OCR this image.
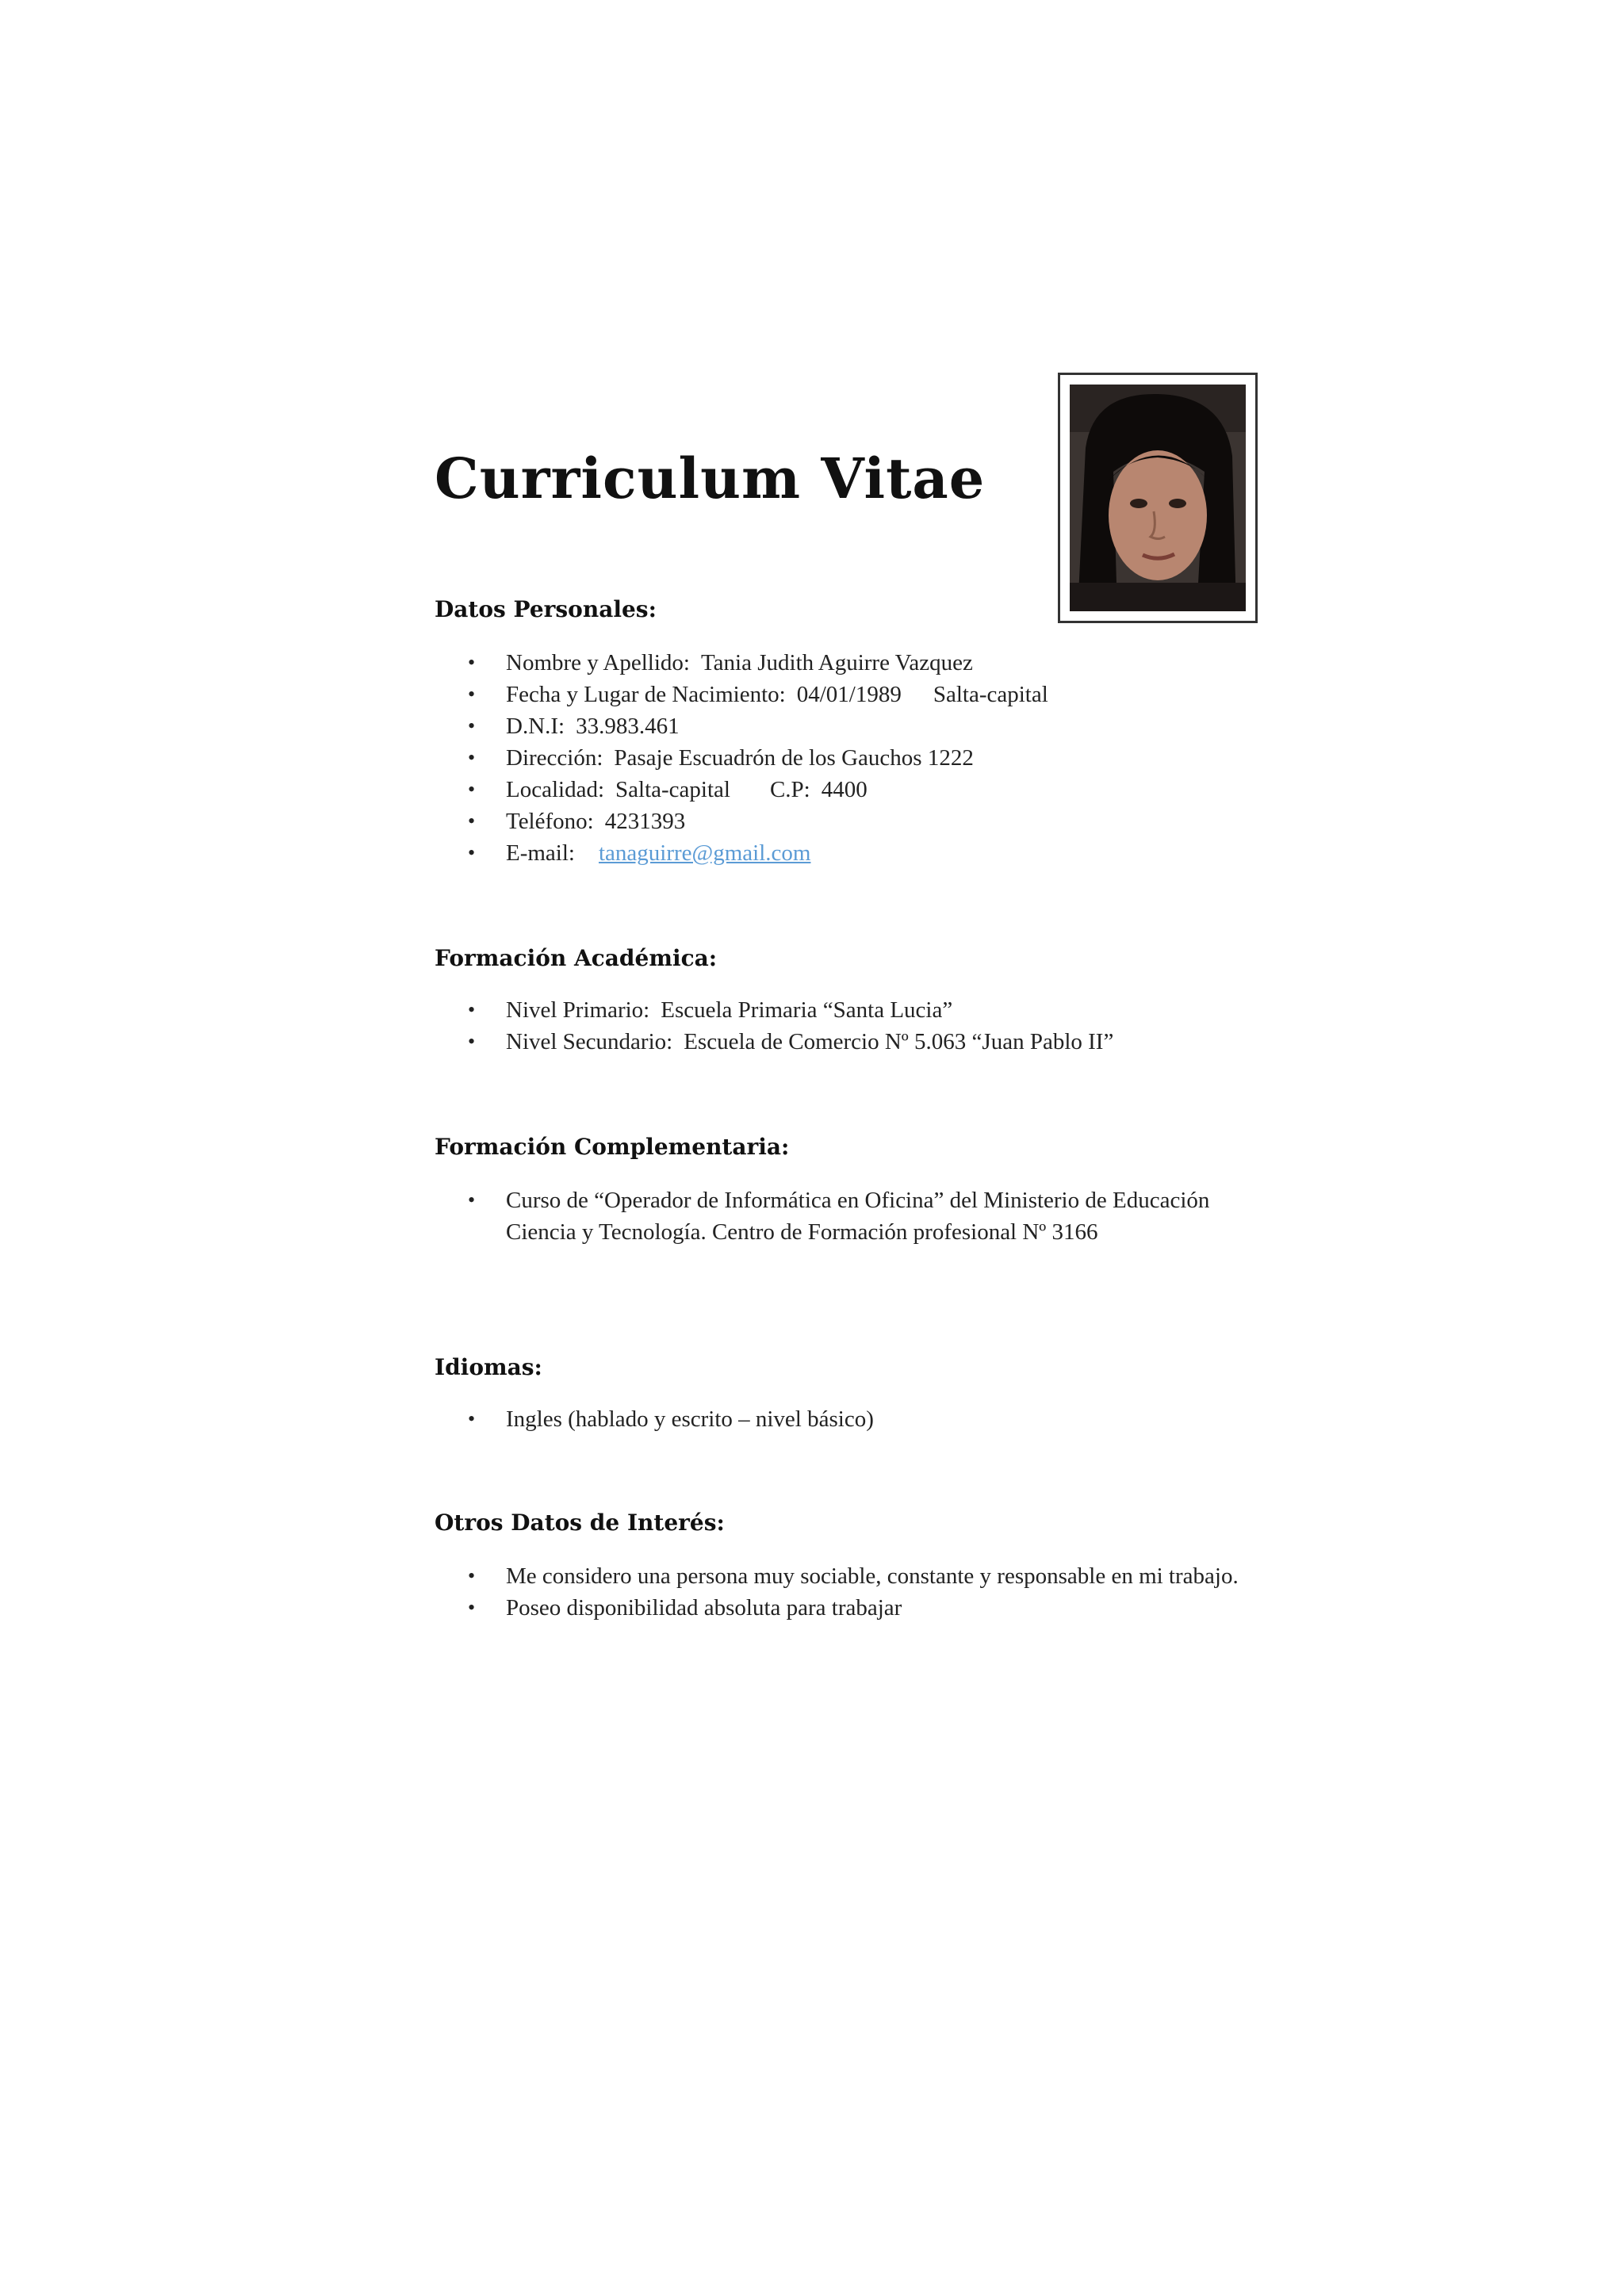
Curriculum Vitae
Datos Personales:
• Nombre y Apellido: Tania Judith Aguirre Vazquez
• Fecha y Lugar de Nacimiento: 04/01/1989 Salta-capital
• D.N.I: 33.983.461
• Dirección: Pasaje Escuadrón de los Gauchos 1222
• Localidad: Salta-capital C.P: 4400
• Teléfono: 4231393
• E-mail: tanaguirre@gmail.com
Formación Académica:
• Nivel Primario: Escuela Primaria “Santa Lucia”
• Nivel Secundario: Escuela de Comercio Nº 5.063 “Juan Pablo II”
Formación Complementaria:
• Curso de “Operador de Informática en Oficina” del Ministerio de Educación Ciencia y Tecnología. Centro de Formación profesional Nº 3166
Idiomas:
• Ingles (hablado y escrito – nivel básico)
Otros Datos de Interés:
• Me considero una persona muy sociable, constante y responsable en mi trabajo.
• Poseo disponibilidad absoluta para trabajar
